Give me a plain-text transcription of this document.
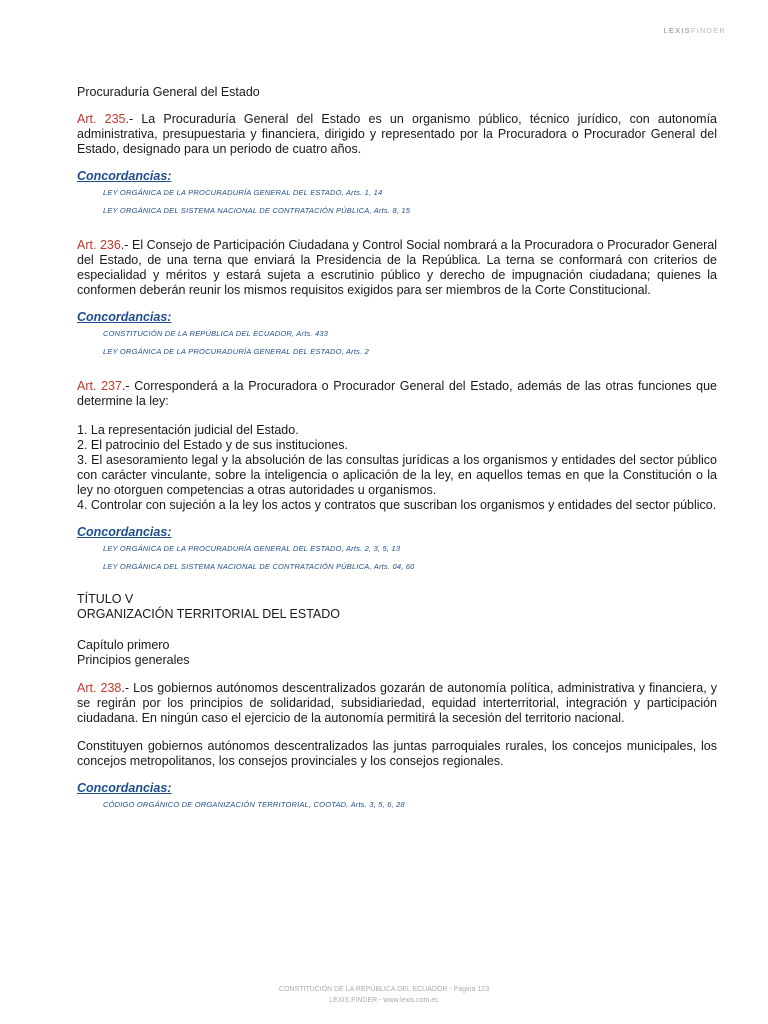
LEXISFINDER

Procuraduría General del Estado

Art. 235.- La Procuraduría General del Estado es un organismo público, técnico jurídico, con autonomía administrativa, presupuestaria y financiera, dirigido y representado por la Procuradora o Procurador General del Estado, designado para un periodo de cuatro años.

Concordancias:

LEY ORGÁNICA DE LA PROCURADURÍA GENERAL DEL ESTADO, Arts. 1, 14

LEY ORGÁNICA DEL SISTEMA NACIONAL DE CONTRATACIÓN PÚBLICA, Arts. 8, 15

Art. 236.- El Consejo de Participación Ciudadana y Control Social nombrará a la Procuradora o Procurador General del Estado, de una terna que enviará la Presidencia de la República. La terna se conformará con criterios de especialidad y méritos y estará sujeta a escrutinio público y derecho de impugnación ciudadana; quienes la conformen deberán reunir los mismos requisitos exigidos para ser miembros de la Corte Constitucional.

Concordancias:

CONSTITUCIÓN DE LA REPÚBLICA DEL ECUADOR, Arts. 433

LEY ORGÁNICA DE LA PROCURADURÍA GENERAL DEL ESTADO, Arts. 2

Art. 237.- Corresponderá a la Procuradora o Procurador General del Estado, además de las otras funciones que determine la ley:

1. La representación judicial del Estado.

2. El patrocinio del Estado y de sus instituciones.

3. El asesoramiento legal y la absolución de las consultas jurídicas a los organismos y entidades del sector público con carácter vinculante, sobre la inteligencia o aplicación de la ley, en aquellos temas en que la Constitución o la ley no otorguen competencias a otras autoridades u organismos.

4. Controlar con sujeción a la ley los actos y contratos que suscriban los organismos y entidades del sector público.

Concordancias:

LEY ORGÁNICA DE LA PROCURADURÍA GENERAL DEL ESTADO, Arts. 2, 3, 5, 13

LEY ORGÁNICA DEL SISTEMA NACIONAL DE CONTRATACIÓN PÚBLICA, Arts. 04, 60

TÍTULO V

ORGANIZACIÓN TERRITORIAL DEL ESTADO

Capítulo primero

Principios generales

Art. 238.- Los gobiernos autónomos descentralizados gozarán de autonomía política, administrativa y financiera, y se regirán por los principios de solidaridad, subsidiariedad, equidad interterritorial, integración y participación ciudadana. En ningún caso el ejercicio de la autonomía permitirá la secesión del territorio nacional.

Constituyen gobiernos autónomos descentralizados las juntas parroquiales rurales, los concejos municipales, los concejos metropolitanos, los consejos provinciales y los consejos regionales.

Concordancias:

CÓDIGO ORGÁNICO DE ORGANIZACIÓN TERRITORIAL, COOTAD, Arts. 3, 5, 6, 28

CONSTITUCIÓN DE LA REPÚBLICA DEL ECUADOR - Página 123
LEXIS FINDER - www.lexis.com.ec
